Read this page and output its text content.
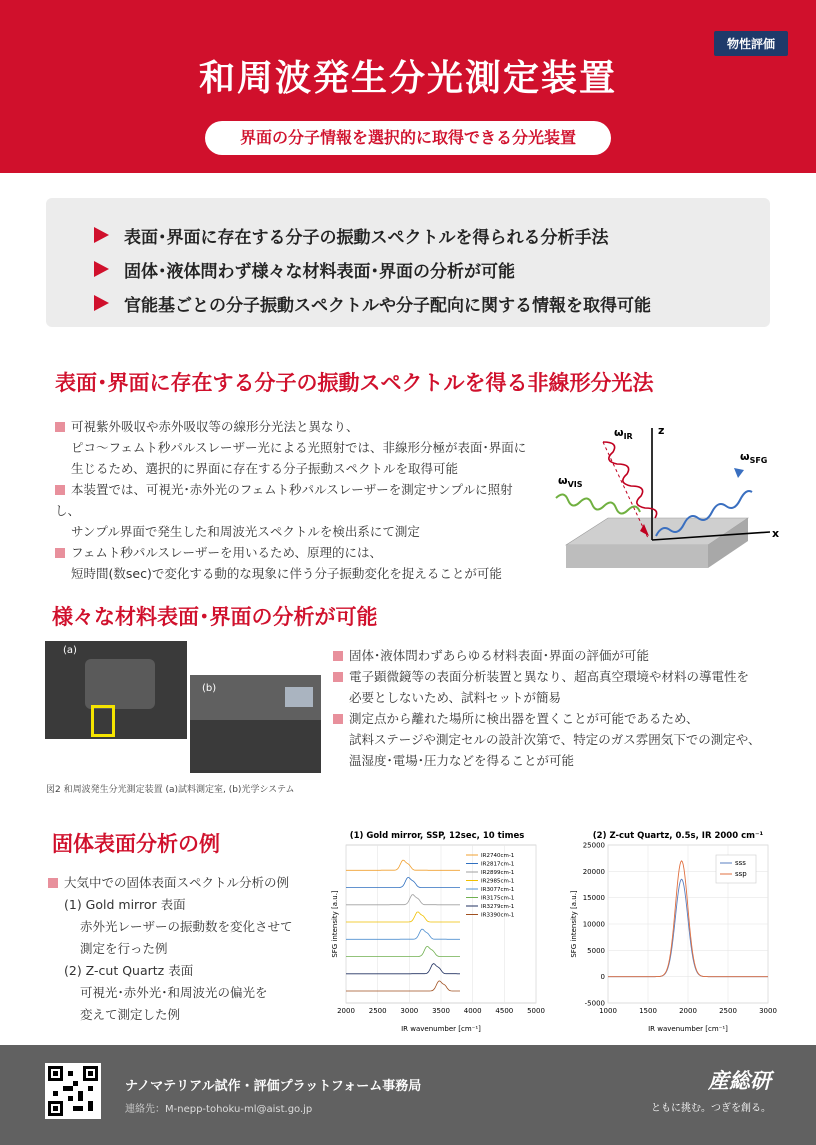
物性評価
和周波発生分光測定装置
界面の分子情報を選択的に取得できる分光装置
表面･界面に存在する分子の振動スペクトルを得られる分析手法
固体･液体問わず様々な材料表面･界面の分析が可能
官能基ごとの分子振動スペクトルや分子配向に関する情報を取得可能
表面･界面に存在する分子の振動スペクトルを得る非線形分光法
可視紫外吸収や赤外吸収等の線形分光法と異なり、
ピコ～フェムト秒パルスレーザー光による光照射では、非線形分極が表面･界面に
生じるため、選択的に界面に存在する分子振動スペクトルを取得可能
本装置では、可視光･赤外光のフェムト秒パルスレーザーを測定サンプルに照射し、
サンプル界面で発生した和周波光スペクトルを検出系にて測定
フェムト秒パルスレーザーを用いるため、原理的には、
短時間(数sec)で変化する動的な現象に伴う分子振動変化を捉えることが可能
z
x
$\omega_{IR}$
$\omega_{VIS}$
$\omega_{SFG}$
様々な材料表面･界面の分析が可能
(a)
(b)
図2 和周波発生分光測定装置 (a)試料測定室, (b)光学システム
固体･液体問わずあらゆる材料表面･界面の評価が可能
電子顕微鏡等の表面分析装置と異なり、超高真空環境や材料の導電性を
必要としないため、試料セットが簡易
測定点から離れた場所に検出器を置くことが可能であるため、
試料ステージや測定セルの設計次第で、特定のガス雰囲気下での測定や、
温湿度･電場･圧力などを得ることが可能
固体表面分析の例
大気中での固体表面スペクトル分析の例
(1) Gold mirror 表面
赤外光レーザーの振動数を変化させて
測定を行った例
(2) Z-cut Quartz 表面
可視光･赤外光･和周波光の偏光を
変えて測定した例
(1) Gold mirror, SSP, 12sec, 10 times
IR2740cm-1
IR2817cm-1
IR2899cm-1
IR2985cm-1
IR3077cm-1
IR3175cm-1
IR3279cm-1
IR3390cm-1
2000 2500 3000 3500 4000 4500 5000
IR wavenumber [cm⁻¹]
SFG intensity [a.u.]
(2) Z-cut Quartz, 0.5s, IR 2000 cm⁻¹
sss
ssp
1000	1500	2000	2500	3000
-5000
0
5000
10000
15000
20000
25000
IR wavenumber [cm⁻¹]
SFG intensity [a.u.]
ナノマテリアル試作・評価プラットフォーム事務局
連絡先：M-nepp-tohoku-ml@aist.go.jp
産総研
ともに挑む。つぎを創る。
